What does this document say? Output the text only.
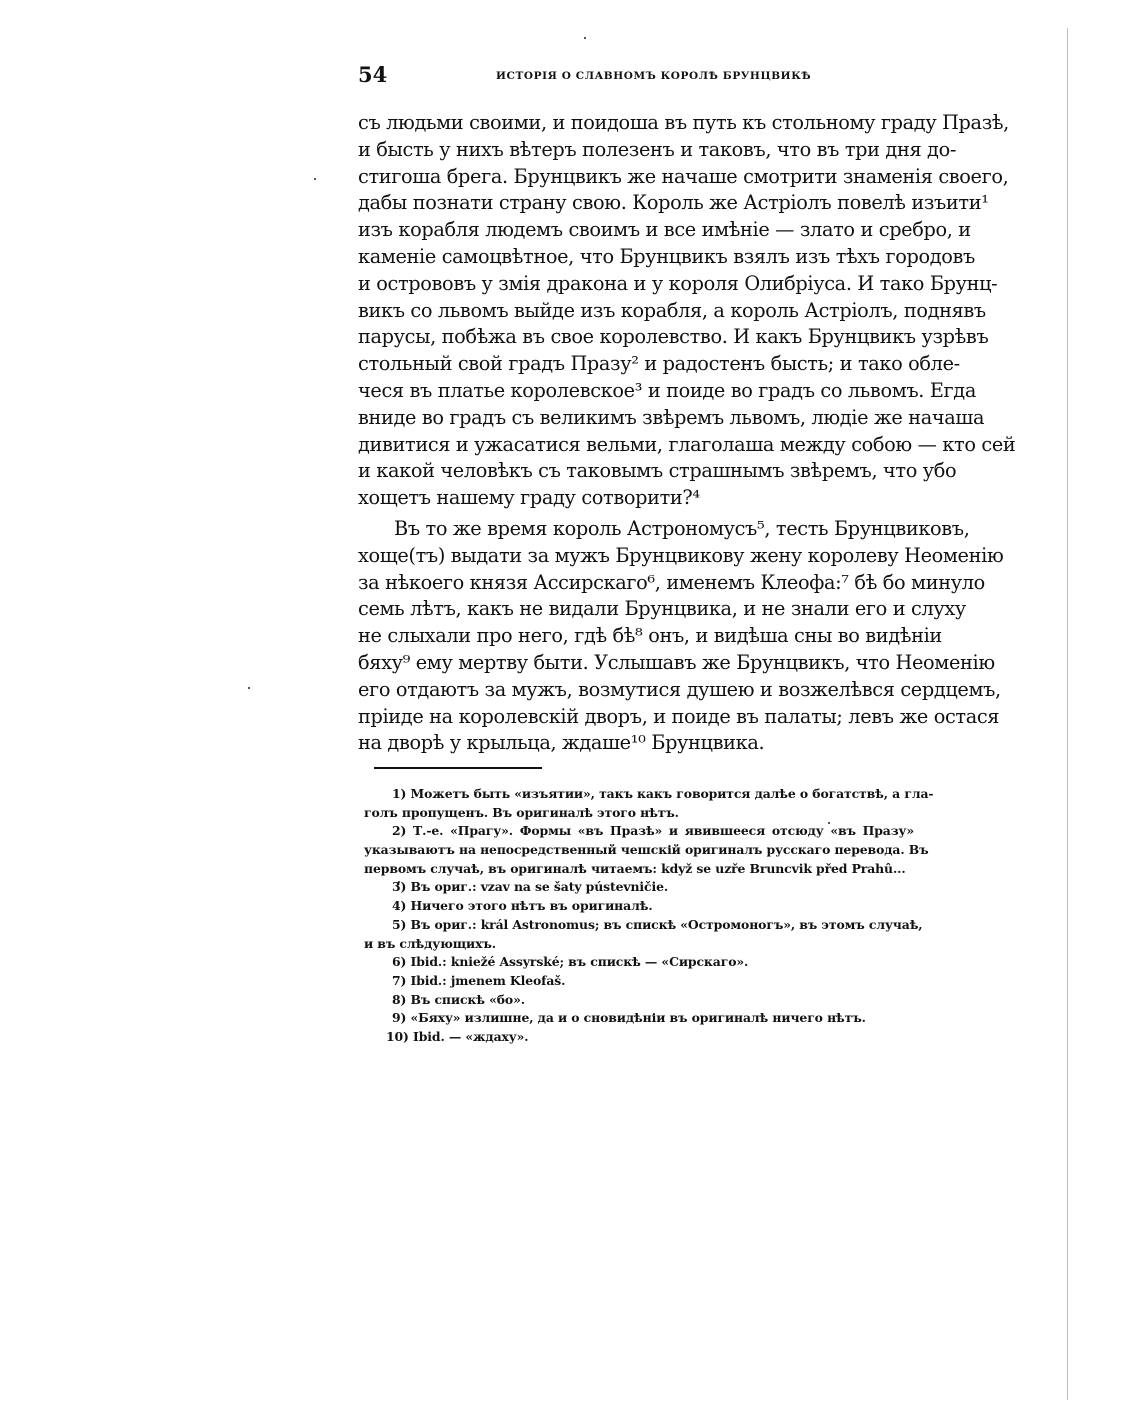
54	ИСТОРІЯ О СЛАВНОМЪ КОРОЛѢ БРУНЦВИКѢ
съ людьми своими, и поидоша въ путь къ стольному граду Празѣ,
и бысть у нихъ вѣтеръ полезенъ и таковъ, что въ три дня до-
стигоша брега. Брунцвикъ же начаше смотрити знаменія своего,
дабы познати страну свою. Король же Астріолъ повелѣ изъити¹
изъ корабля людемъ своимъ и все имѣніе — злато и сребро, и
каменіе самоцвѣтное, что Брунцвикъ взялъ изъ тѣхъ городовъ
и острововъ у змія дракона и у короля Олибріуса. И тако Брунц-
викъ со львомъ выйде изъ корабля, а король Астріолъ, поднявъ
парусы, побѣжа въ свое королевство. И какъ Брунцвикъ узрѣвъ
стольный свой градъ Празу² и радостенъ бысть; и тако обле-
чеся въ платье королевское³ и поиде во градъ со львомъ. Егда
вниде во градъ съ великимъ звѣремъ львомъ, людіе же начаша
дивитися и ужасатися вельми, глаголаша между собою — кто сей
и какой человѣкъ съ таковымъ страшнымъ звѣремъ, что убо
хощетъ нашему граду сотворити?⁴
Въ то же время король Астрономусъ⁵, тесть Брунцвиковъ,
хоще(тъ) выдати за мужъ Брунцвикову жену королеву Неоменію
за нѣкоего князя Ассирскаго⁶, именемъ Клеофа:⁷ бѣ бо минуло
семь лѣтъ, какъ не видали Брунцвика, и не знали его и слуху
не слыхали про него, гдѣ бѣ⁸ онъ, и видѣша сны во видѣніи
бяху⁹ ему мертву быти. Услышавъ же Брунцвикъ, что Неоменію
его отдаютъ за мужъ, возмутися душею и возжелѣвся сердцемъ,
пріиде на королевскій дворъ, и поиде въ палаты; левъ же остася
на дворѣ у крыльца, ждаше¹⁰ Брунцвика.
1) Можетъ быть «изъятии», такъ какъ говорится далѣе о богатствѣ, а гла-
голъ пропущенъ. Въ оригиналѣ этого нѣтъ.
2) Т.-е. «Прагу». Формы «въ Празѣ» и явившееся отсюду «въ Празу»
указываютъ на непосредственный чешскій оригиналъ русскаго перевода. Въ
первомъ случаѣ, въ оригиналѣ читаемъ: když se uzře Bruncvik před Prahû...
3) Въ ориг.: vzav na se šaty pústevničie.
4) Ничего этого нѣтъ въ оригиналѣ.
5) Въ ориг.: král Astronomus; въ спискѣ «Остромоногъ», въ этомъ случаѣ,
и въ слѣдующихъ.
6) Ibid.: kniežé Assyrské; въ спискѣ — «Сирскаго».
7) Ibid.: jmenem Kleofaš.
8) Въ спискѣ «бо».
9) «Бяху» излишне, да и о сновидѣніи въ оригиналѣ ничего нѣтъ.
10) Ibid. — «ждаху».
